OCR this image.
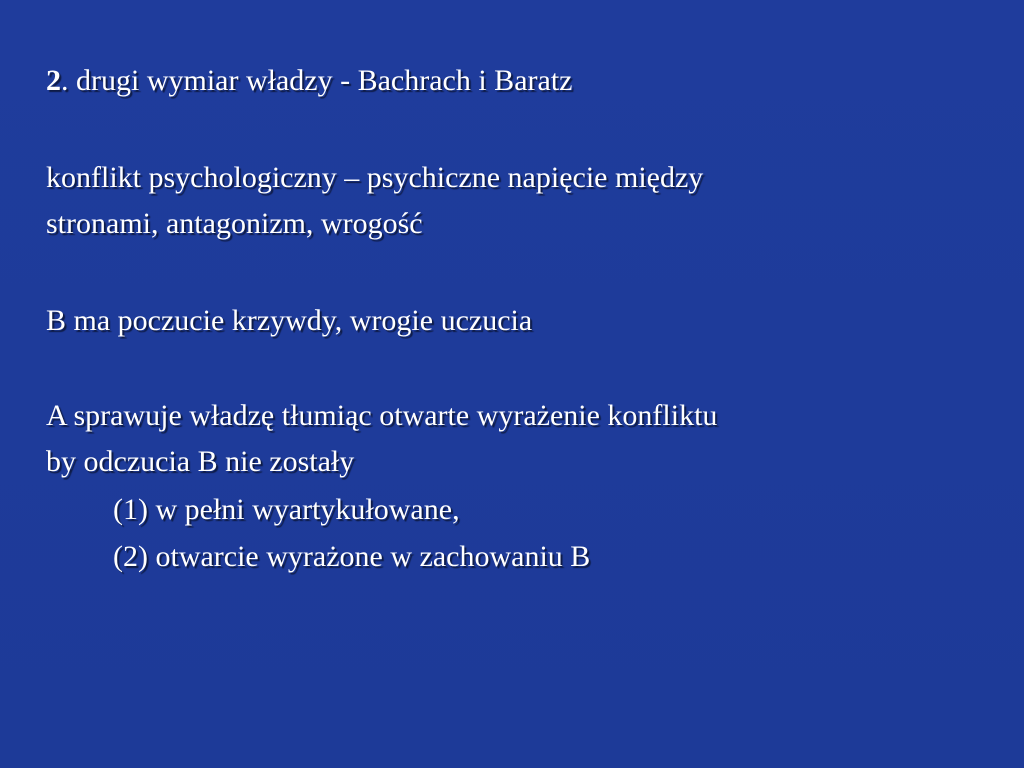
2. drugi wymiar władzy - Bachrach i Baratz
konflikt psychologiczny – psychiczne napięcie między
stronami, antagonizm, wrogość
B ma poczucie krzywdy, wrogie uczucia
A sprawuje władzę tłumiąc otwarte wyrażenie konfliktu
by odczucia B nie zostały
(1) w pełni wyartykułowane,
(2) otwarcie wyrażone w zachowaniu B
